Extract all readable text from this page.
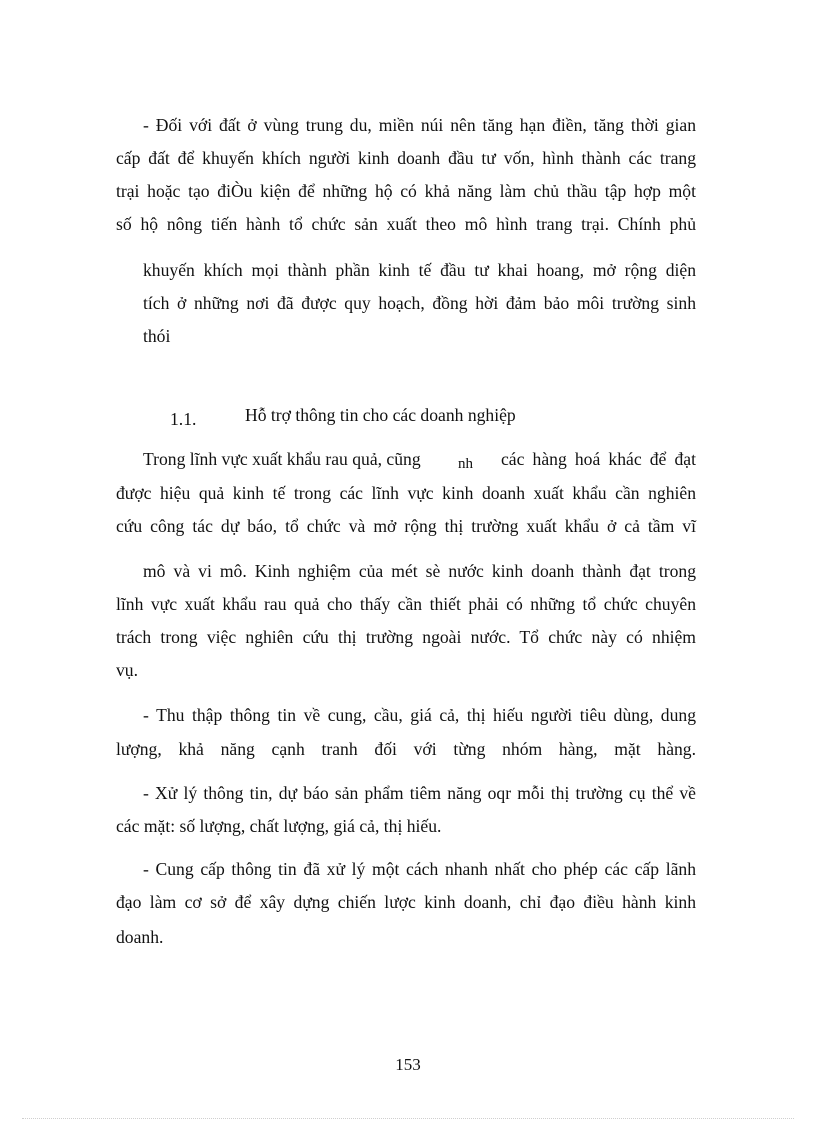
- Đối với đất ở vùng trung du, miền núi nên tăng hạn điền, tăng thời gian
cấp đất để khuyến khích người kinh doanh đầu tư vốn, hình thành các trang
trại hoặc tạo điÒu kiện để những hộ có khả năng làm chủ thầu tập hợp một
số hộ nông tiến hành tổ chức sản xuất theo mô hình trang trại. Chính phủ
khuyến khích mọi thành phần kinh tế đầu tư khai hoang, mở rộng diện
tích ở những nơi đã được quy hoạch, đồng hời đảm bảo môi trường sinh
thói
1.1.	Hỗ trợ thông tin cho các doanh nghiệp
Trong lĩnh vực xuất khẩu rau quả, cũng nh các hàng hoá khác để đạt
được hiệu quả kinh tế trong các lĩnh vực kinh doanh xuất khẩu cần nghiên
cứu công tác dự báo, tổ chức và mở rộng thị trường xuất khẩu ở cả tầm vĩ
mô và vi mô. Kinh nghiệm của mét sè nước kinh doanh thành đạt trong
lĩnh vực xuất khẩu rau quả cho thấy cần thiết phải có những tổ chức chuyên
trách trong việc nghiên cứu thị trường ngoài nước. Tổ chức này có nhiệm
vụ.
- Thu thập thông tin về cung, cầu, giá cả, thị hiếu người tiêu dùng, dung
lượng, khả năng cạnh tranh đối với từng nhóm hàng, mặt hàng.
- Xử lý thông tin, dự báo sản phẩm tiêm năng oqr mỗi thị trường cụ thể về
các mặt: số lượng, chất lượng, giá cả, thị hiếu.
- Cung cấp thông tin đã xử lý một cách nhanh nhất cho phép các cấp lãnh
đạo làm cơ sở để xây dựng chiến lược kinh doanh, chỉ đạo điều hành kinh
doanh.
153
